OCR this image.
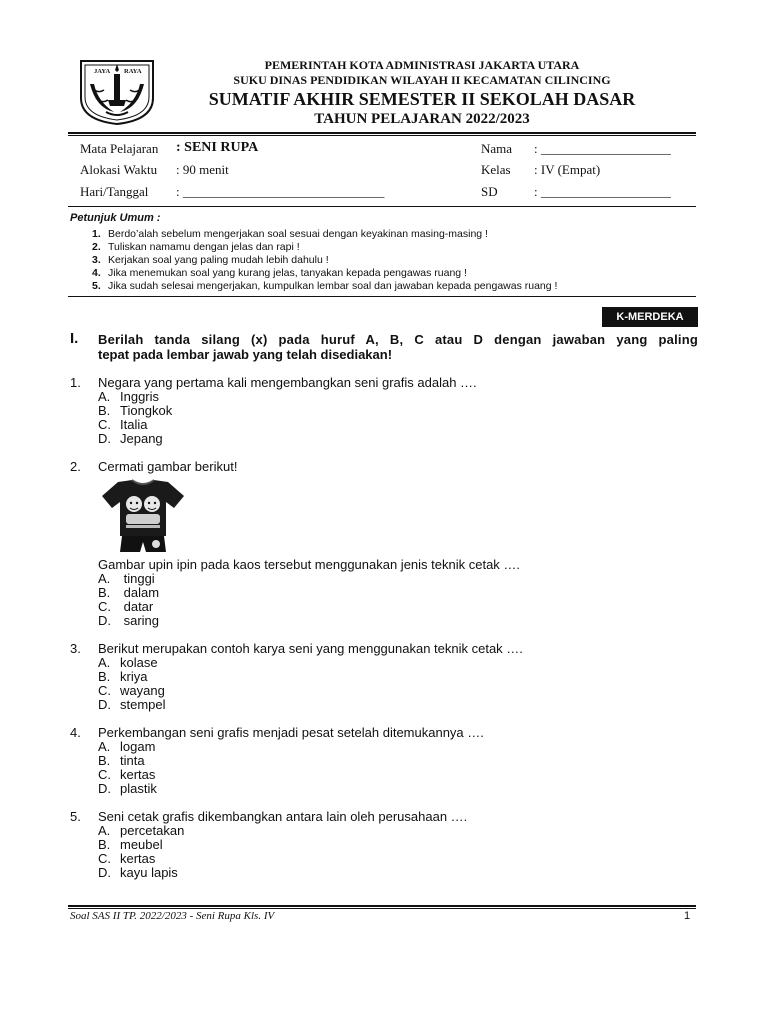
JAYA RAYA	PEMERINTAH KOTA ADMINISTRASI JAKARTA UTARA
SUKU DINAS PENDIDIKAN WILAYAH II KECAMATAN CILINCING
SUMATIF AKHIR SEMESTER II SEKOLAH DASAR
TAHUN PELAJARAN 2022/2023
Mata Pelajaran : SENI RUPA
Alokasi Waktu : 90 menit
Hari/Tanggal : _______________________________
Nama : ____________________
Kelas : IV (Empat)
SD	: ____________________
Petunjuk Umum :
1. Berdo’alah sebelum mengerjakan soal sesuai dengan keyakinan masing-masing !
2. Tuliskan namamu dengan jelas dan rapi !
3. Kerjakan soal yang paling mudah lebih dahulu !
4. Jika menemukan soal yang kurang jelas, tanyakan kepada pengawas ruang !
5. Jika sudah selesai mengerjakan, kumpulkan lembar soal dan jawaban kepada pengawas ruang !
K-MERDEKA
I. Berilah tanda silang (x) pada huruf A, B, C atau D dengan jawaban yang paling
tepat pada lembar jawab yang telah disediakan!
1. Negara yang pertama kali mengembangkan seni grafis adalah ….
A. Inggris
B. Tiongkok
C. Italia
D. Jepang
2. Cermati gambar berikut!
Gambar upin ipin pada kaos tersebut menggunakan jenis teknik cetak ….
A. tinggi
B. dalam
C. datar
D. saring
3. Berikut merupakan contoh karya seni yang menggunakan teknik cetak ….
A. kolase
B. kriya
C. wayang
D. stempel
4. Perkembangan seni grafis menjadi pesat setelah ditemukannya ….
A. logam
B. tinta
C. kertas
D. plastik
5. Seni cetak grafis dikembangkan antara lain oleh perusahaan ….
A. percetakan
B. meubel
C. kertas
D. kayu lapis
Soal SAS II TP. 2022/2023 - Seni Rupa Kls. IV	1
